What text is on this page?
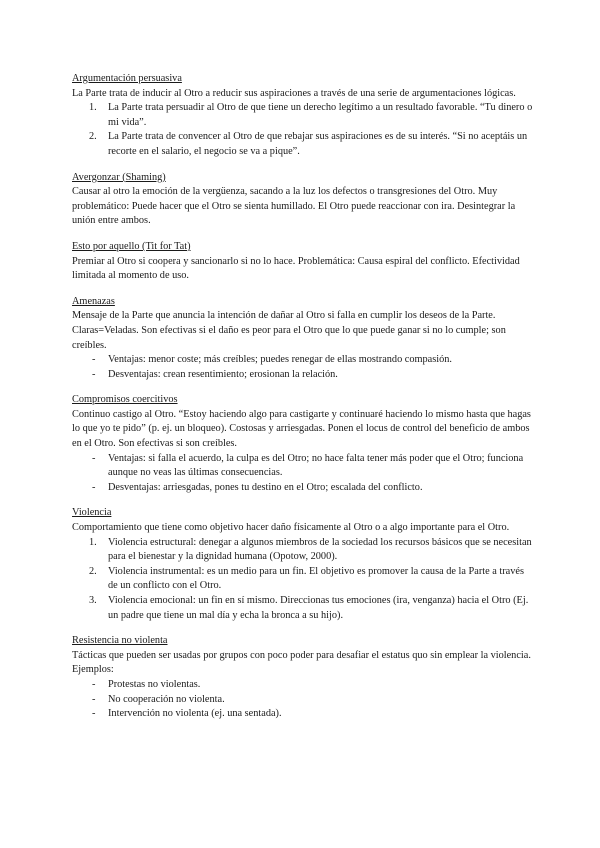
Argumentación persuasiva

La Parte trata de inducir al Otro a reducir sus aspiraciones a través de una serie de argumentaciones lógicas.

1. La Parte trata persuadir al Otro de que tiene un derecho legítimo a un resultado favorable. “Tu dinero o mi vida”.
2. La Parte trata de convencer al Otro de que rebajar sus aspiraciones es de su interés. “Si no aceptáis un recorte en el salario, el negocio se va a pique”.
Avergonzar (Shaming)

Causar al otro la emoción de la vergüenza, sacando a la luz los defectos o transgresiones del Otro. Muy problemático: Puede hacer que el Otro se sienta humillado. El Otro puede reaccionar con ira. Desintegrar la unión entre ambos.

Esto por aquello (Tit for Tat)

Premiar al Otro si coopera y sancionarlo si no lo hace. Problemática: Causa espiral del conflicto. Efectividad limitada al momento de uso.

Amenazas

Mensaje de la Parte que anuncia la intención de dañar al Otro si falla en cumplir los deseos de la Parte. Claras=Veladas. Son efectivas si el daño es peor para el Otro que lo que puede ganar si no lo cumple; son creíbles.

- Ventajas: menor coste; más creíbles; puedes renegar de ellas mostrando compasión.
- Desventajas: crean resentimiento; erosionan la relación.
Compromisos coercitivos

Continuo castigo al Otro. “Estoy haciendo algo para castigarte y continuaré haciendo lo mismo hasta que hagas lo que yo te pido” (p. ej. un bloqueo). Costosas y arriesgadas. Ponen el locus de control del beneficio de ambos en el Otro. Son efectivas si son creíbles.

- Ventajas: si falla el acuerdo, la culpa es del Otro; no hace falta tener más poder que el Otro; funciona aunque no veas las últimas consecuencias.
- Desventajas: arriesgadas, pones tu destino en el Otro; escalada del conflicto.
Violencia

Comportamiento que tiene como objetivo hacer daño físicamente al Otro o a algo importante para el Otro.

1. Violencia estructural: denegar a algunos miembros de la sociedad los recursos básicos que se necesitan para el bienestar y la dignidad humana (Opotow, 2000).
2. Violencia instrumental: es un medio para un fin. El objetivo es promover la causa de la Parte a través de un conflicto con el Otro.
3. Violencia emocional: un fin en sí mismo. Direccionas tus emociones (ira, venganza) hacia el Otro (Ej. un padre que tiene un mal día y echa la bronca a su hijo).
Resistencia no violenta

Tácticas que pueden ser usadas por grupos con poco poder para desafiar el estatus quo sin emplear la violencia. Ejemplos:

- Protestas no violentas.
- No cooperación no violenta.
- Intervención no violenta (ej. una sentada).
